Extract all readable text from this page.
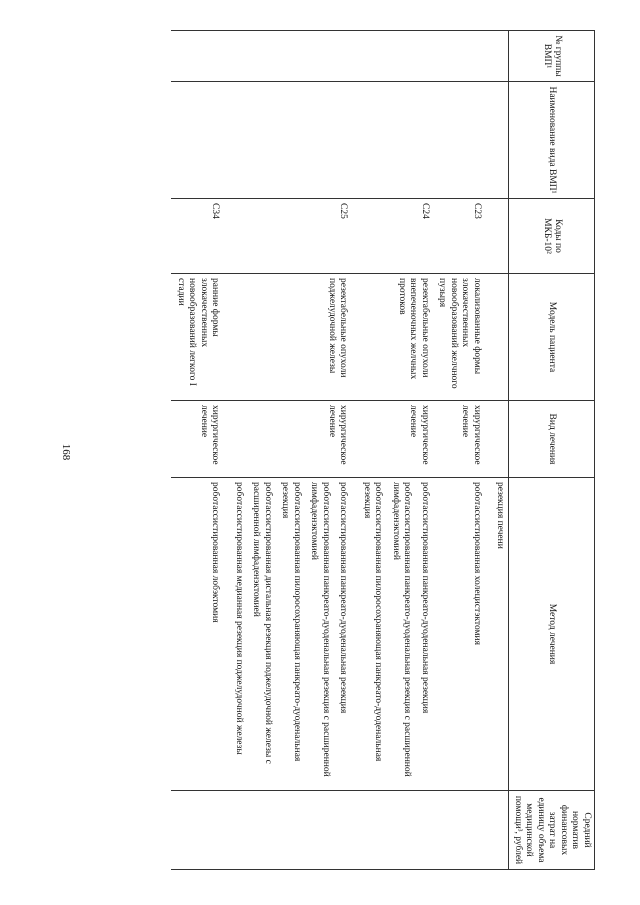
168
№ группы ВМП¹	Наименование вида ВМП¹	Коды по МКБ-10²	Модель пациента	Вид лечения	Метод лечения	Средний норматив финансовых затрат на единицу объема медицинской помощи³, рублей

					резекция печени	

		C23	локализованные формы злокачественных новообразований желчного пузыря	хирургическое лечение	роботассистированная холецистэктомия	

		C24	резектабельные опухоли внепеченочных желчных протоков	хирургическое лечение	роботассистированная панкреато-дуоденальная резекция

роботассистированная панкреато-дуоденальная резекция с расширенной лимфаденэктомией

роботассистированная пилоросохраняющая панкреато-дуоденальная резекция	

		C25	резектабельные опухоли поджелудочной железы	хирургическое лечение	роботассистированная панкреато-дуоденальная резекция

роботассистированная панкреато-дуоденальная резекция с расширенной лимфаденэктомией

роботассистированная пилоросохраняющая панкреато-дуоденальная резекция

роботассистированная дистальная резекция поджелудочной железы с расширенной лимфаденэктомией

роботассистированная медианная резекция поджелудочной железы	

		C34	ранние формы злокачественных новообразований легкого I стадии	хирургическое лечение	роботассистированная лобэктомия	
